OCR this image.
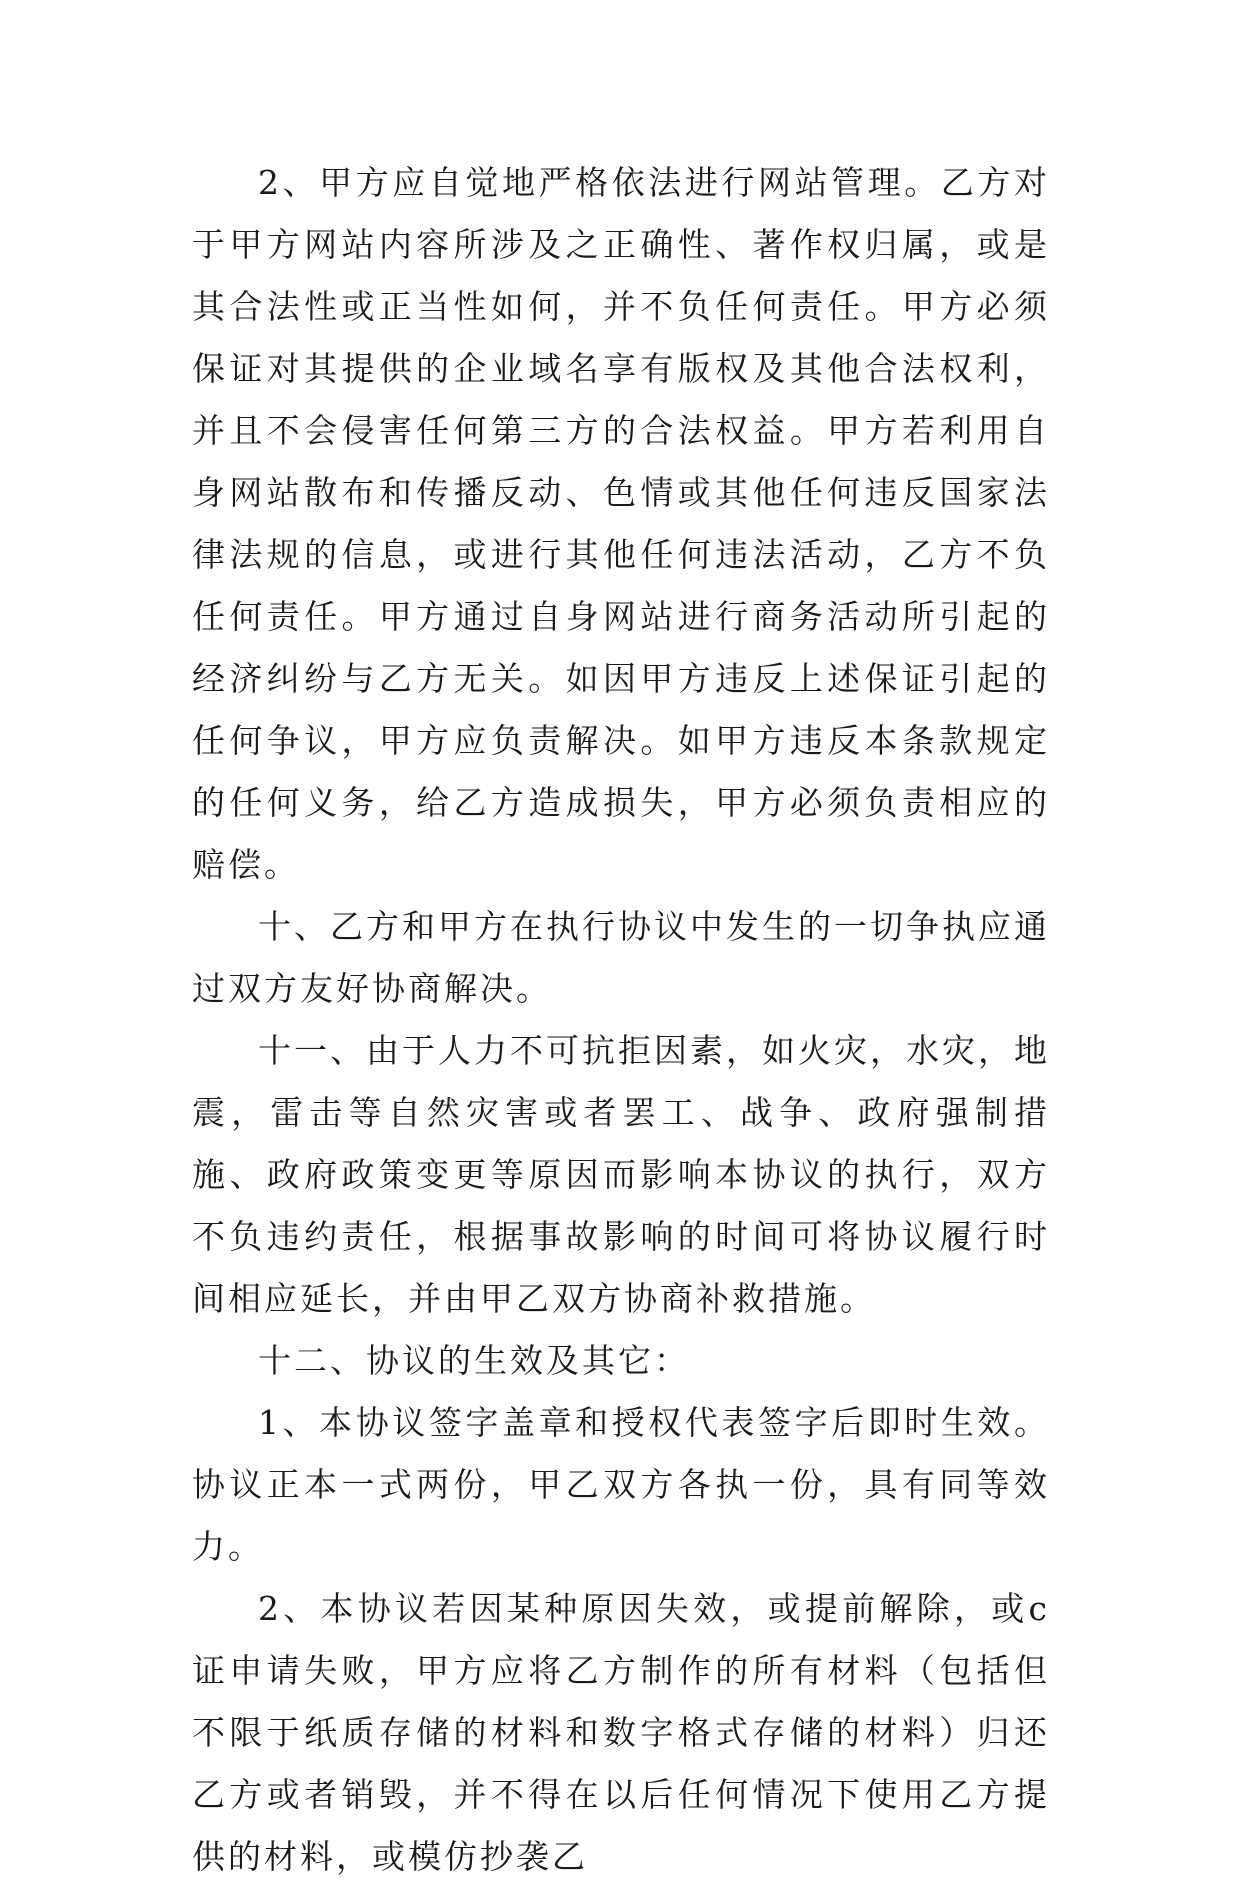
2、甲方应自觉地严格依法进行网站管理。乙方对于甲方网站内容所涉及之正确性、著作权归属，或是其合法性或正当性如何，并不负任何责任。甲方必须保证对其提供的企业域名享有版权及其他合法权利，并且不会侵害任何第三方的合法权益。甲方若利用自身网站散布和传播反动、色情或其他任何违反国家法律法规的信息，或进行其他任何违法活动，乙方不负任何责任。甲方通过自身网站进行商务活动所引起的经济纠纷与乙方无关。如因甲方违反上述保证引起的任何争议，甲方应负责解决。如甲方违反本条款规定的任何义务，给乙方造成损失，甲方必须负责相应的赔偿。

十、乙方和甲方在执行协议中发生的一切争执应通过双方友好协商解决。

十一、由于人力不可抗拒因素，如火灾，水灾，地震，雷击等自然灾害或者罢工、战争、政府强制措施、政府政策变更等原因而影响本协议的执行，双方不负违约责任，根据事故影响的时间可将协议履行时间相应延长，并由甲乙双方协商补救措施。

十二、协议的生效及其它：

1、本协议签字盖章和授权代表签字后即时生效。协议正本一式两份，甲乙双方各执一份，具有同等效力。

2、本协议若因某种原因失效，或提前解除，或c证申请失败，甲方应将乙方制作的所有材料（包括但不限于纸质存储的材料和数字格式存储的材料）归还乙方或者销毁，并不得在以后任何情况下使用乙方提供的材料，或模仿抄袭乙
